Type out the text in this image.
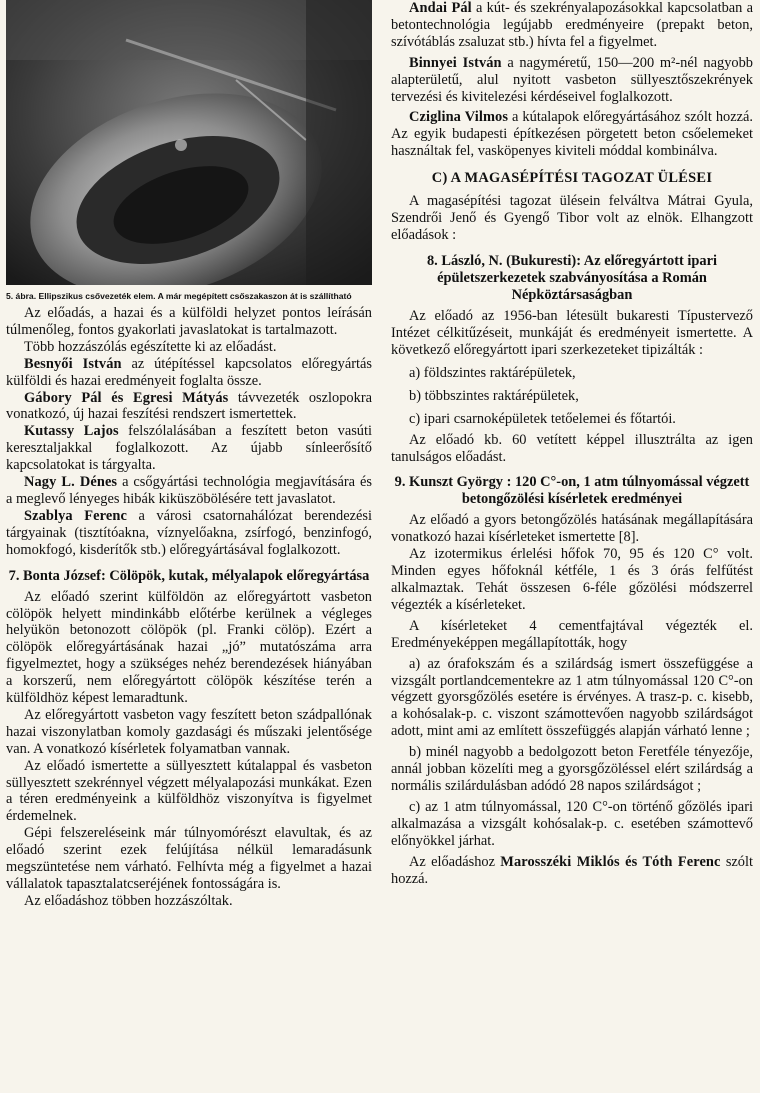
5. ábra. Ellipszikus csővezeték elem. A már megépített csőszakaszon át is szállítható

Az előadás, a hazai és a külföldi helyzet pontos leírásán túlmenőleg, fontos gyakorlati javaslatokat is tartalmazott.

Több hozzászólás egészítette ki az előadást.

Besnyői István az útépítéssel kapcsolatos előregyártás külföldi és hazai eredményeit foglalta össze.

Gábory Pál és Egresi Mátyás távvezeték oszlopokra vonatkozó, új hazai feszítési rendszert ismertettek.

Kutassy Lajos felszólalásában a feszített beton vasúti keresztaljakkal foglalkozott. Az újabb sínleerősítő kapcsolatokat is tárgyalta.

Nagy L. Dénes a csőgyártási technológia megjavítására és a meglevő lényeges hibák kiküszöbölésére tett javaslatot.

Szablya Ferenc a városi csatornahálózat berendezési tárgyainak (tisztítóakna, víznyelőakna, zsírfogó, benzinfogó, homokfogó, kisderítők stb.) előregyártásával foglalkozott.

7. Bonta József: Cölöpök, kutak, mélyalapok előregyártása

Az előadó szerint külföldön az előregyártott vasbeton cölöpök helyett mindinkább előtérbe kerülnek a végleges helyükön betonozott cölöpök (pl. Franki cölöp). Ezért a cölöpök előregyártásának hazai „jó” mutatószáma arra figyelmeztet, hogy a szükséges nehéz berendezések hiányában a korszerű, nem előregyártott cölöpök készítése terén a külföldhöz képest lemaradtunk.

Az előregyártott vasbeton vagy feszített beton szádpallónak hazai viszonylatban komoly gazdasági és műszaki jelentősége van. A vonatkozó kísérletek folyamatban vannak.

Az előadó ismertette a süllyesztett kútalappal és vasbeton süllyesztett szekrénnyel végzett mélyalapozási munkákat. Ezen a téren eredményeink a külföldhöz viszonyítva is figyelmet érdemelnek.

Gépi felszereléseink már túlnyomórészt elavultak, és az előadó szerint ezek felújítása nélkül lemaradásunk megszüntetése nem várható. Felhívta még a figyelmet a hazai vállalatok tapasztalatcseréjének fontosságára is.

Az előadáshoz többen hozzászóltak.

Andai Pál a kút- és szekrényalapozásokkal kapcsolatban a betontechnológia legújabb eredményeire (prepakt beton, szívótáblás zsaluzat stb.) hívta fel a figyelmet.

Binnyei István a nagyméretű, 150—200 m²-nél nagyobb alapterületű, alul nyitott vasbeton süllyesztőszekrények tervezési és kivitelezési kérdéseivel foglalkozott.

Cziglina Vilmos a kútalapok előregyártásához szólt hozzá. Az egyik budapesti építkezésen pörgetett beton csőelemeket használtak fel, vasköpenyes kiviteli móddal kombinálva.

C) A MAGASÉPÍTÉSI TAGOZAT ÜLÉSEI

A magasépítési tagozat ülésein felváltva Mátrai Gyula, Szendrői Jenő és Gyengő Tibor volt az elnök. Elhangzott előadások :

8. László, N. (Bukuresti): Az előregyártott ipari épületszerkezetek szabványosítása a Román Népköztársaságban

Az előadó az 1956-ban létesült bukaresti Típustervező Intézet célkitűzéseit, munkáját és eredményeit ismertette. A következő előregyártott ipari szerkezeteket tipizálták :

a) földszintes raktárépületek,
b) többszintes raktárépületek,
c) ipari csarnoképületek tetőelemei és főtartói.

Az előadó kb. 60 vetített képpel illusztrálta az igen tanulságos előadást.

9. Kunszt György : 120 C°-on, 1 atm túlnyomással végzett betongőzölési kísérletek eredményei

Az előadó a gyors betongőzölés hatásának megállapítására vonatkozó hazai kísérleteket ismertette [8].

Az izotermikus érlelési hőfok 70, 95 és 120 C° volt. Minden egyes hőfoknál kétféle, 1 és 3 órás felfűtést alkalmaztak. Tehát összesen 6-féle gőzölési módszerrel végezték a kísérleteket.

A kísérleteket 4 cementfajtával végezték el. Eredményeképpen megállapították, hogy

a) az órafokszám és a szilárdság ismert összefüggése a vizsgált portlandcementekre az 1 atm túlnyomással 120 C°-on végzett gyorsgőzölés esetére is érvényes. A trasz-p. c. kisebb, a kohósalak-p. c. viszont számottevően nagyobb szilárdságot adott, mint ami az említett összefüggés alapján várható lenne ;

b) minél nagyobb a bedolgozott beton Feretféle tényezője, annál jobban közelíti meg a gyorsgőzöléssel elért szilárdság a normális szilárdulásban adódó 28 napos szilárdságot ;

c) az 1 atm túlnyomással, 120 C°-on történő gőzölés ipari alkalmazása a vizsgált kohósalak-p. c. esetében számottevő előnyökkel járhat.

Az előadáshoz Marosszéki Miklós és Tóth Ferenc szólt hozzá.
